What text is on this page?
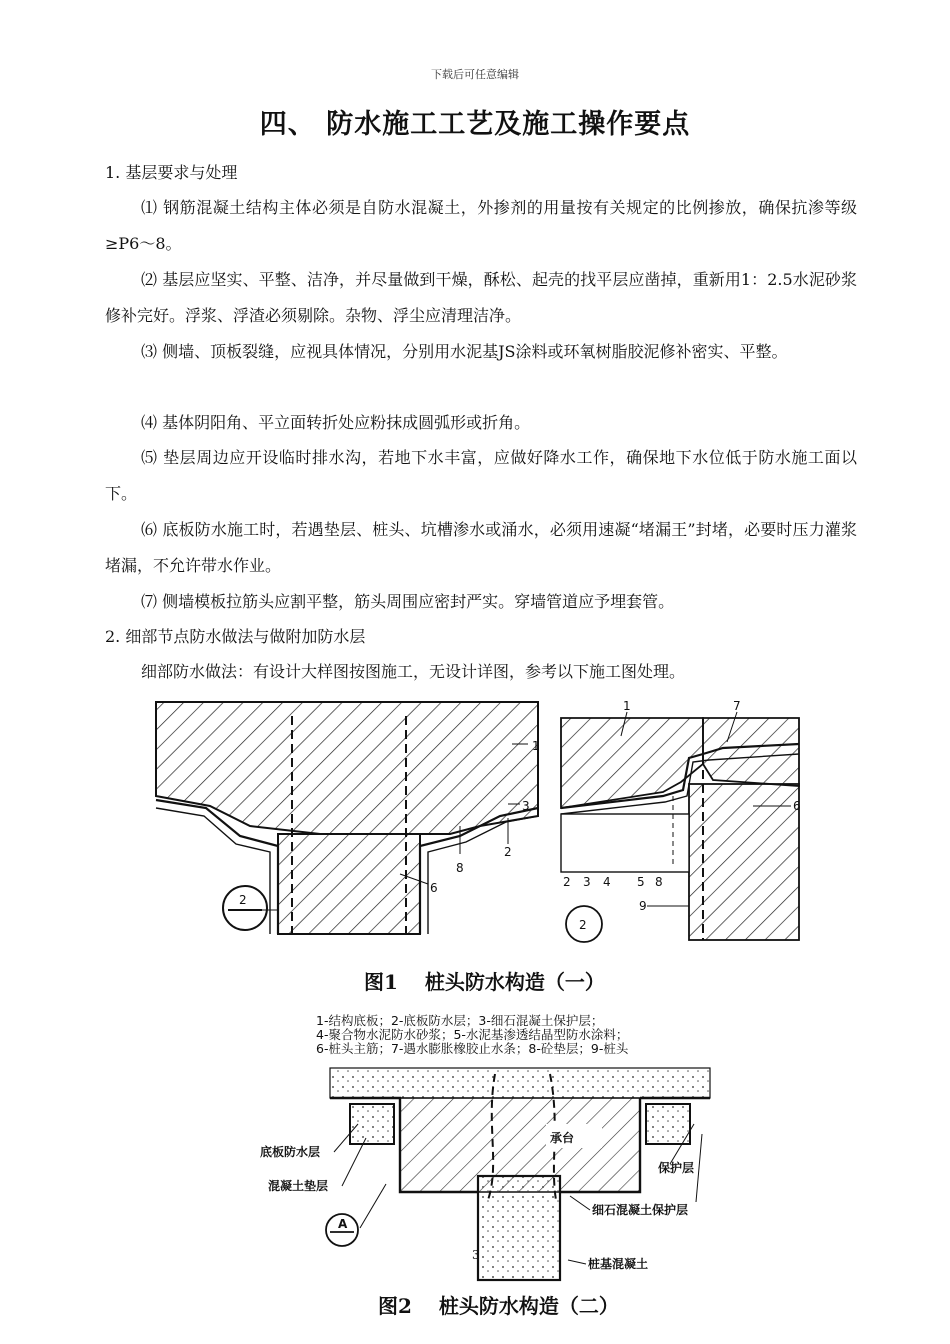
下载后可任意编辑
四、 防水施工工艺及施工操作要点
1. 基层要求与处理
⑴ 钢筋混凝土结构主体必须是自防水混凝土，外掺剂的用量按有关规定的比例掺放，确保抗渗等级≥P6～8。
⑵ 基层应坚实、平整、洁净，并尽量做到干燥，酥松、起壳的找平层应凿掉，重新用1：2.5水泥砂浆修补完好。浮浆、浮渣必须剔除。杂物、浮尘应清理洁净。
⑶ 侧墙、顶板裂缝，应视具体情况，分别用水泥基JS涂料或环氧树脂胶泥修补密实、平整。
⑷ 基体阴阳角、平立面转折处应粉抹成圆弧形或折角。
⑸ 垫层周边应开设临时排水沟，若地下水丰富，应做好降水工作，确保地下水位低于防水施工面以下。
⑹ 底板防水施工时，若遇垫层、桩头、坑槽渗水或涌水，必须用速凝“堵漏王”封堵，必要时压力灌浆堵漏，不允许带水作业。
⑺ 侧墙模板拉筋头应割平整，筋头周围应密封严实。穿墙管道应予埋套管。
2. 细部节点防水做法与做附加防水层
细部防水做法：有设计大样图按图施工，无设计详图，参考以下施工图处理。
1
3
2
8
6
2
1	7
6
2 3 4 5 8
9
2
图1　 桩头防水构造（一）
1-结构底板；2-底板防水层；3-细石混凝土保护层；
4-聚合物水泥防水砂浆；5-水泥基渗透结晶型防水涂料；
6-桩头主筋；7-遇水膨胀橡胶止水条；8-砼垫层；9-桩头
承台
底板防水层
混凝土垫层
保护层
细石混凝土保护层
桩基混凝土
A
3
图2　 桩头防水构造（二）
